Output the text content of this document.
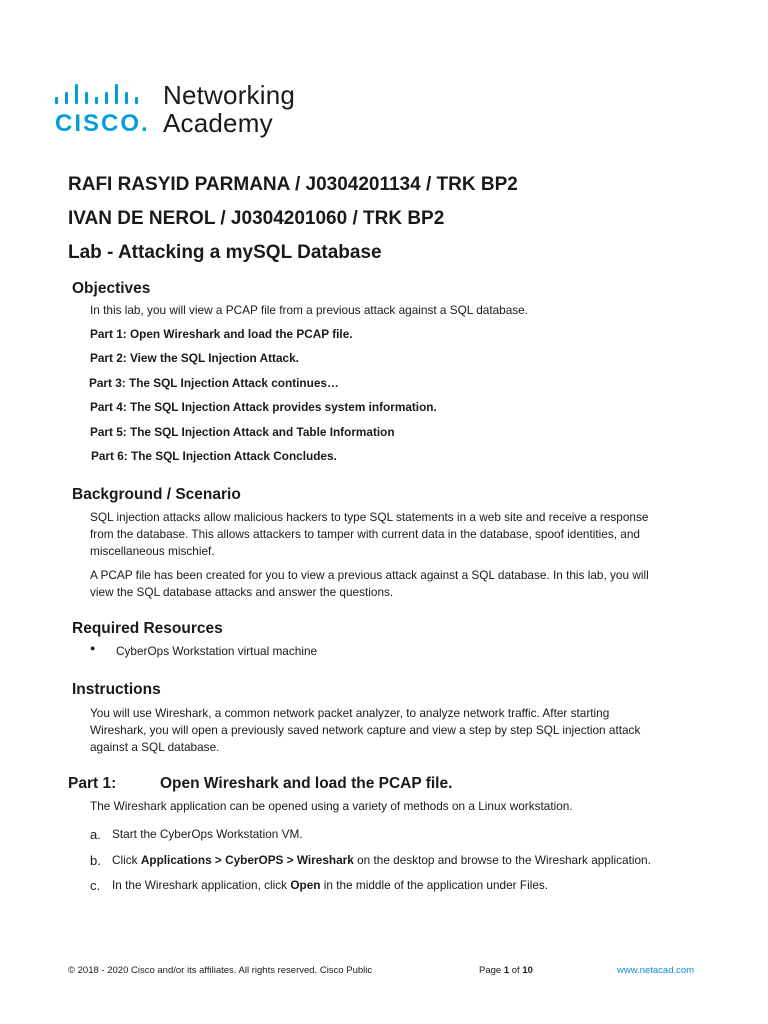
CISCO.
Networking
Academy
RAFI RASYID PARMANA / J0304201134 / TRK BP2
IVAN DE NEROL / J0304201060 / TRK BP2
Lab - Attacking a mySQL Database
Objectives
In this lab, you will view a PCAP file from a previous attack against a SQL database.
Part 1: Open Wireshark and load the PCAP file.
Part 2: View the SQL Injection Attack.
Part 3: The SQL Injection Attack continues…
Part 4: The SQL Injection Attack provides system information.
Part 5: The SQL Injection Attack and Table Information
Part 6: The SQL Injection Attack Concludes.
Background / Scenario
SQL injection attacks allow malicious hackers to type SQL statements in a web site and receive a response
from the database. This allows attackers to tamper with current data in the database, spoof identities, and
miscellaneous mischief.
A PCAP file has been created for you to view a previous attack against a SQL database. In this lab, you will
view the SQL database attacks and answer the questions.
Required Resources
● CyberOps Workstation virtual machine
Instructions
You will use Wireshark, a common network packet analyzer, to analyze network traffic. After starting
Wireshark, you will open a previously saved network capture and view a step by step SQL injection attack
against a SQL database.
Part 1:	Open Wireshark and load the PCAP file.
The Wireshark application can be opened using a variety of methods on a Linux workstation.
a. Start the CyberOps Workstation VM.
b. Click Applications > CyberOPS > Wireshark on the desktop and browse to the Wireshark application.
c. In the Wireshark application, click Open in the middle of the application under Files.
© 2018 - 2020 Cisco and/or its affiliates. All rights reserved. Cisco Public	Page 1 of 10	www.netacad.com
